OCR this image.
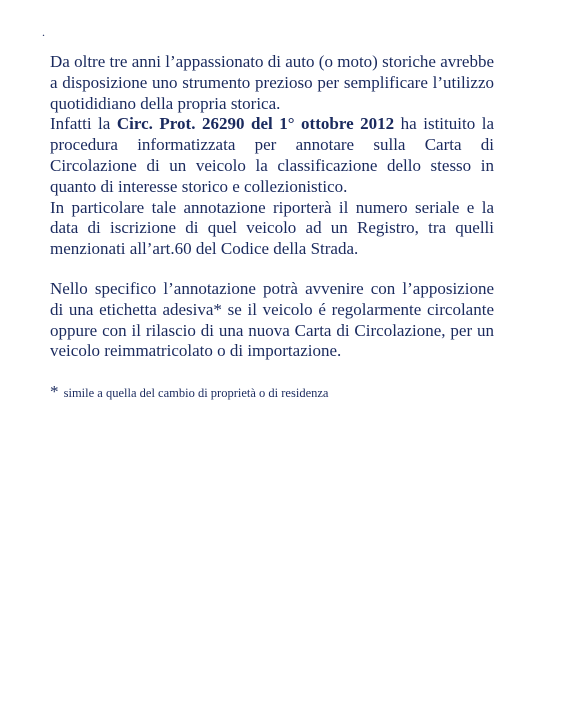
.

Da oltre tre anni l’appassionato di auto (o moto) storiche avrebbe a disposizione uno strumento prezioso per semplificare l’utilizzo quotididiano della propria storica.

Infatti la Circ. Prot. 26290 del 1° ottobre 2012 ha istituito la procedura informatizzata per annotare sulla Carta di Circolazione di un veicolo la classificazione dello stesso in quanto di interesse storico e collezionistico.

In particolare tale annotazione riporterà il numero seriale e la data di iscrizione di quel veicolo ad un Registro, tra quelli menzionati all’art.60 del Codice della Strada.

Nello specifico l’annotazione potrà avvenire con l’apposizione di una etichetta adesiva* se il veicolo é regolarmente circolante oppure con il rilascio di una nuova Carta di Circolazione, per un veicolo reimmatricolato o di importazione.

* simile a quella del cambio di proprietà o di residenza
